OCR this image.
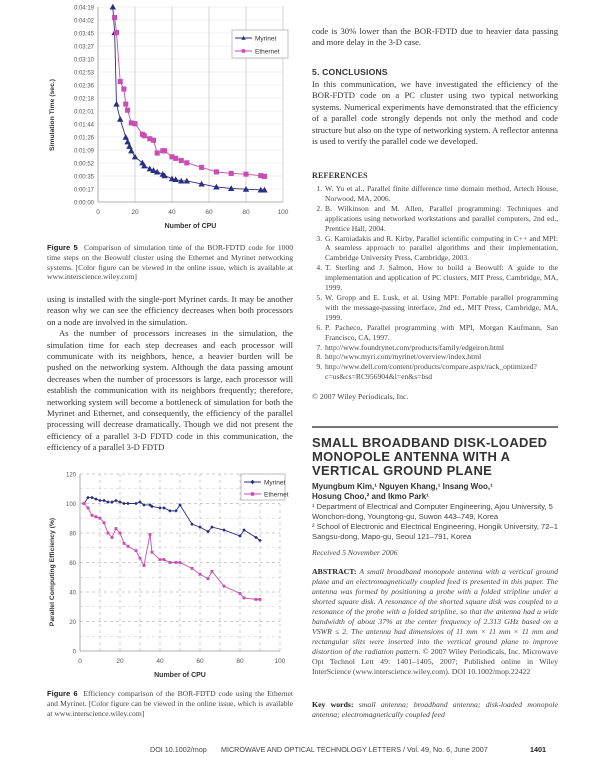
0:00:00
0:00:17
0:00:35
0:00:52
0:01:09
0:01:26
0:01:44
0:02:01
0:02:18
0:02:36
0:02:53
0:03:10
0:03:27
0:03:45
0:04:02
0:04:19
0	20	40	60	80	100
Number of CPU
Simulation Time (sec.)
Myrinet
Ethernet
Figure 5 Comparison of simulation time of the BOR-FDTD code for 1000 time steps on the Beowulf cluster using the Ethernet and Myrinet networking systems. [Color figure can be viewed in the online issue, which is available at www.interscience.wiley.com]
using is installed with the single-port Myrinet cards. It may be another reason why we can see the efficiency decreases when both processors on a node are involved in the simulation.
As the number of processors increases in the simulation, the simulation time for each step decreases and each processor will communicate with its neighbors, hence, a heavier burden will be pushed on the networking system. Although the data passing amount decreases when the number of processors is large, each processor will establish the communication with its neighbors frequently; therefore, networking system will become a bottleneck of simulation for both the Myrinet and Ethernet, and consequently, the efficiency of the parallel processing will decrease dramatically. Though we did not present the efficiency of a parallel 3-D FDTD code in this communication, the efficiency of a parallel 3-D FDTD
0
20
40
60
80
100
120
0	20	40	60	80	100
Number of CPU
Parallel Computing Efficiency (%)
Myrinet
Ethernet
Figure 6 Efficiency comparison of the BOR-FDTD code using the Ethernet and Myrinet. [Color figure can be viewed in the online issue, which is available at www.interscience.wiley.com]
code is 30% lower than the BOR-FDTD due to heavier data passing and more delay in the 3-D case.
5. CONCLUSIONS
In this communication, we have investigated the efficiency of the BOR-FDTD code on a PC cluster using two typical networking systems. Numerical experiments have demonstrated that the efficiency of a parallel code strongly depends not only the method and code structure but also on the type of networking system. A reflector antenna is used to verify the parallel code we developed.
REFERENCES
1. W. Yu et al., Parallel finite difference time domain method, Artech House, Norwood, MA, 2006.
2. B. Wilkinson and M. Allen, Parallel programming: Techniques and applications using networked workstations and parallel computers, 2nd ed., Prentice Hall, 2004.
3. G. Karniadakis and R. Kirby, Parallel scientific computing in C++ and MPI: A seamless approach to parallel algorithms and their implementation, Cambridge University Press, Cambridge, 2003.
4. T. Sterling and J. Salmon, How to build a Beowulf: A guide to the implementation and application of PC clusters, MIT Press, Cambridge, MA, 1999.
5. W. Gropp and E. Lusk, et al. Using MPI: Portable parallel programming with the message-passing interface, 2nd ed., MIT Press, Cambridge, MA, 1999.
6. P. Pacheco, Parallel programming with MPI, Morgan Kaufmann, San Francisco, CA, 1997.
7. http://www.foundrynet.com/products/family/edgeiron.html
8. http://www.myri.com/myrinet/overview/index.html
9. http://www.dell.com/content/products/compare.aspx/rack_optimized?c=us&cs=RC956904&l=en&s=bsd
© 2007 Wiley Periodicals, Inc.
SMALL BROADBAND DISK-LOADED
MONOPOLE ANTENNA WITH A
VERTICAL GROUND PLANE
Myungbum Kim,¹ Nguyen Khang,¹ Insang Woo,¹
Hosung Choo,² and Ikmo Park¹
¹ Department of Electrical and Computer Engineering, Ajou University, 5 Wonchon-dong, Youngtong-gu, Suwon 443–749, Korea
² School of Electronic and Electrical Engineering, Hongik University, 72–1 Sangsu-dong, Mapo-gu, Seoul 121–791, Korea
Received 5 November 2006
ABSTRACT: A small broadband monopole antenna with a vertical ground plane and an electromagnetically coupled feed is presented in this paper. The antenna was formed by positioning a probe with a folded stripline under a shorted square disk. A resonance of the shorted square disk was coupled to a resonance of the probe with a folded stripline, so that the antenna had a wide bandwidth of about 37% at the center frequency of 2.313 GHz based on a VSWR ≤ 2. The antenna had dimensions of 11 mm × 11 mm × 11 mm and rectangular slits were inserted into the vertical ground plane to improve distortion of the radiation pattern. © 2007 Wiley Periodicals, Inc. Microwave Opt Technol Lett 49: 1401–1405, 2007; Published online in Wiley InterScience (www.interscience.wiley.com). DOI 10.1002/mop.22422
Key words: small antenna; broadband antenna; disk-loaded monopole antenna; electromagnetically coupled feed
DOI 10.1002/mop MICROWAVE AND OPTICAL TECHNOLOGY LETTERS / Vol. 49, No. 6, June 2007	1401
